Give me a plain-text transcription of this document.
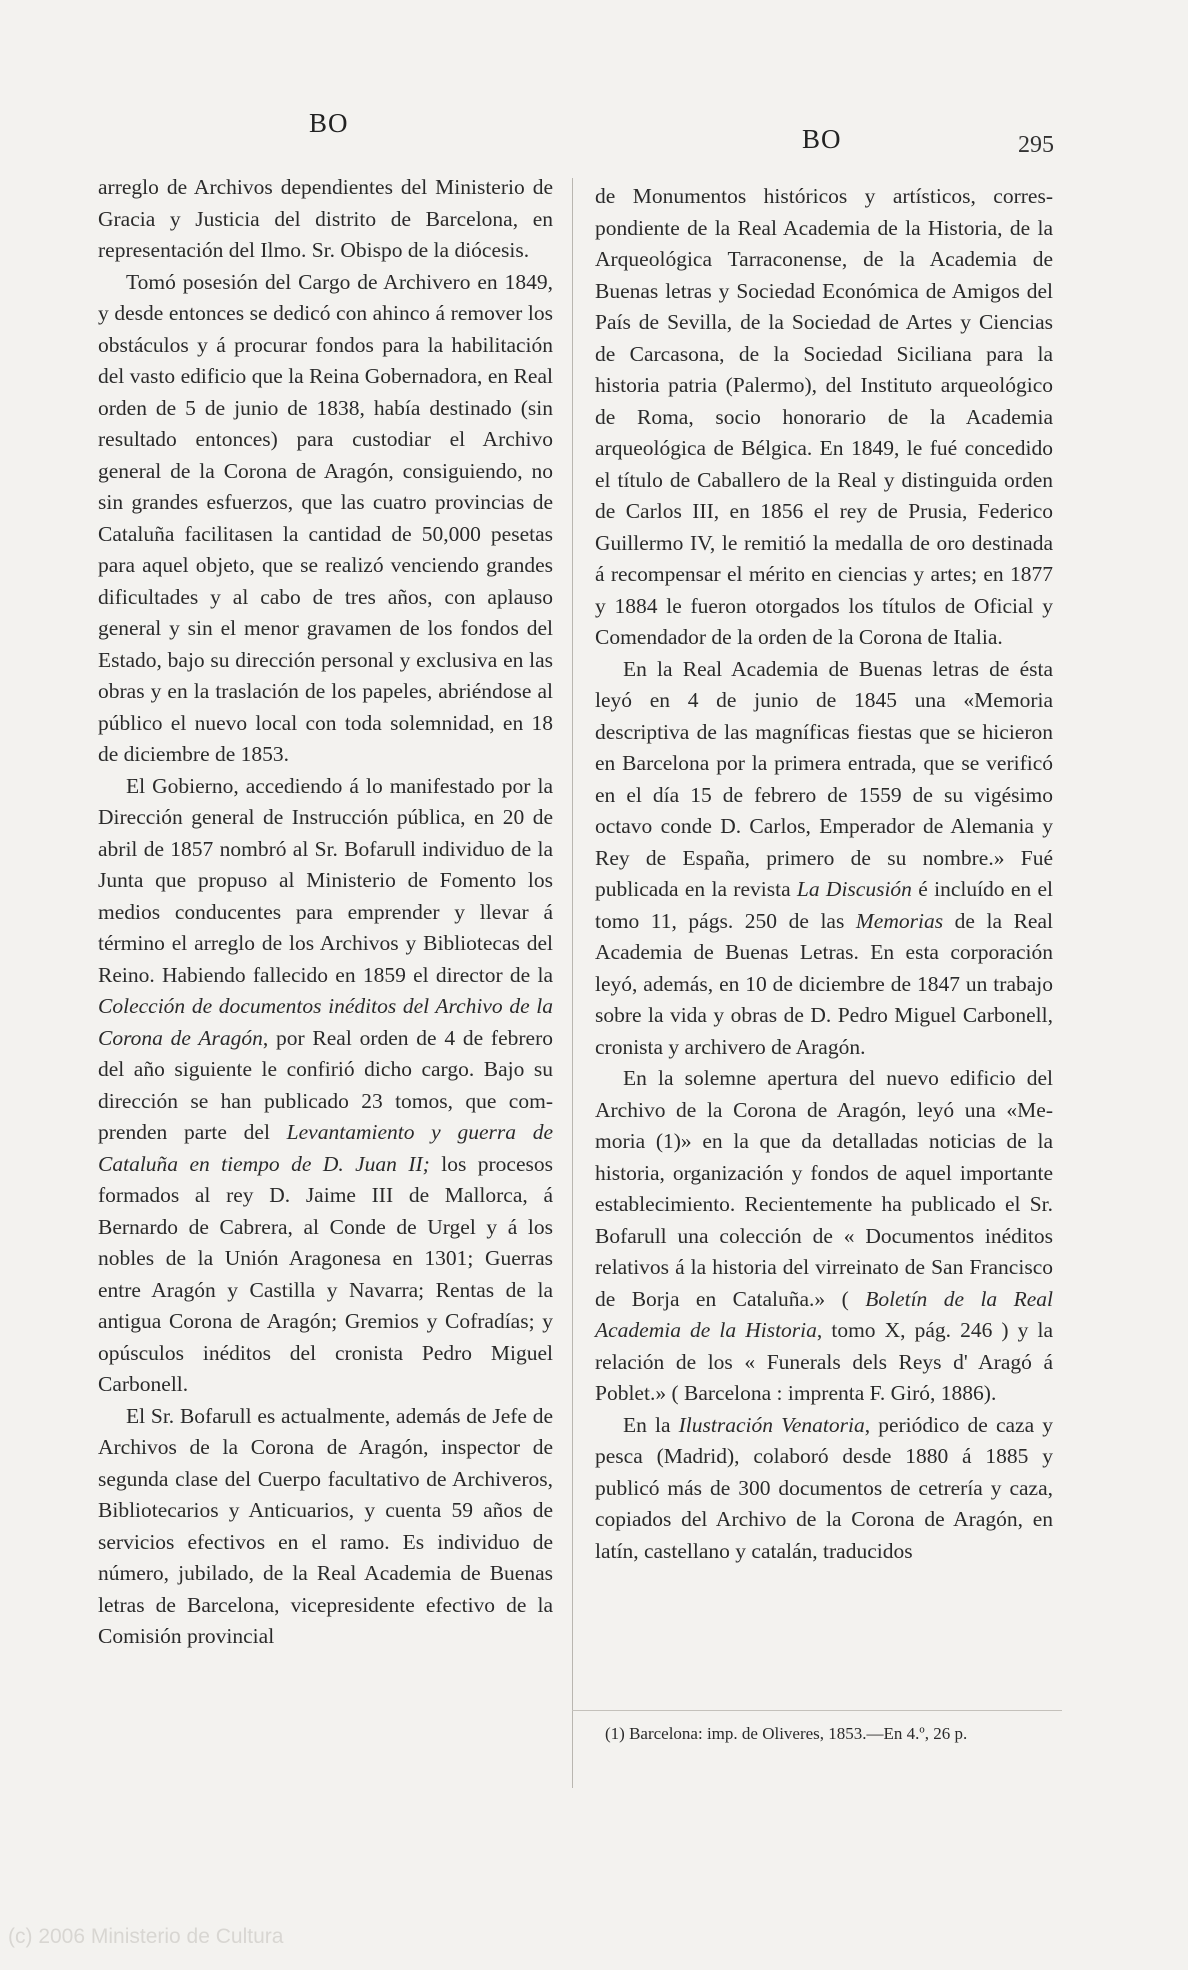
BO
BO	295

arreglo de Archivos dependientes del Ministerio de Gracia y Justicia del distrito de Barcelona, en representación del Ilmo. Sr. Obispo de la diócesis.

Tomó posesión del Cargo de Archivero en 1849, y desde entonces se dedicó con ahinco á remover los obstáculos y á procurar fondos para la habilitación del vasto edificio que la Reina Gobernadora, en Real orden de 5 de junio de 1838, había destinado (sin resultado entonces) para custodiar el Archivo general de la Corona de Aragón, consiguiendo, no sin grandes esfuerzos, que las cuatro provincias de Cataluña facilitasen la cantidad de 50,000 pesetas para aquel objeto, que se realizó venciendo grandes dificultades y al cabo de tres años, con aplauso general y sin el menor gravamen de los fondos del Estado, bajo su dirección personal y exclusiva en las obras y en la traslación de los papeles, abriéndose al público el nuevo local con toda solemnidad, en 18 de diciembre de 1853.

El Gobierno, accediendo á lo manifestado por la Dirección general de Instrucción pública, en 20 de abril de 1857 nombró al Sr. Bofarull individuo de la Junta que propuso al Ministerio de Fomento los medios conducentes para emprender y llevar á término el arreglo de los Archivos y Bibliotecas del Reino. Habiendo fallecido en 1859 el director de la Colección de documentos inéditos del Archivo de la Corona de Aragón, por Real orden de 4 de febrero del año siguiente le confirió dicho cargo. Bajo su dirección se han publicado 23 tomos, que comprenden parte del Levantamiento y guerra de Cataluña en tiempo de D. Juan II; los procesos formados al rey D. Jaime III de Mallorca, á Bernardo de Cabrera, al Conde de Urgel y á los nobles de la Unión Aragonesa en 1301; Guerras entre Aragón y Castilla y Navarra; Rentas de la antigua Corona de Aragón; Gremios y Cofradías; y opúsculos inéditos del cronista Pedro Miguel Carbonell.

El Sr. Bofarull es actualmente, además de Jefe de Archivos de la Corona de Aragón, inspector de segunda clase del Cuerpo facultativo de Archiveros, Bibliotecarios y Anticuarios, y cuenta 59 años de servicios efectivos en el ramo. Es individuo de número, jubilado, de la Real Academia de Buenas letras de Barcelona, vicepresidente efectivo de la Comisión provincial

de Monumentos históricos y artísticos, correspondiente de la Real Academia de la Historia, de la Arqueológica Tarraconense, de la Academia de Buenas letras y Sociedad Económica de Amigos del País de Sevilla, de la Sociedad de Artes y Ciencias de Carcasona, de la Sociedad Siciliana para la historia patria (Palermo), del Instituto arqueológico de Roma, socio honorario de la Academia arqueológica de Bélgica. En 1849, le fué concedido el título de Caballero de la Real y distinguida orden de Carlos III, en 1856 el rey de Prusia, Federico Guillermo IV, le remitió la medalla de oro destinada á recompensar el mérito en ciencias y artes; en 1877 y 1884 le fueron otorgados los títulos de Oficial y Comendador de la orden de la Corona de Italia.

En la Real Academia de Buenas letras de ésta leyó en 4 de junio de 1845 una «Memoria descriptiva de las magníficas fiestas que se hicieron en Barcelona por la primera entrada, que se verificó en el día 15 de febrero de 1559 de su vigésimo octavo conde D. Carlos, Emperador de Alemania y Rey de España, primero de su nombre.» Fué publicada en la revista La Discusión é incluído en el tomo 11, págs. 250 de las Memorias de la Real Academia de Buenas Letras. En esta corporación leyó, además, en 10 de diciembre de 1847 un trabajo sobre la vida y obras de D. Pedro Miguel Carbonell, cronista y archivero de Aragón.

En la solemne apertura del nuevo edificio del Archivo de la Corona de Aragón, leyó una «Memoria (1)» en la que da detalladas noticias de la historia, organización y fondos de aquel importante establecimiento. Recientemente ha publicado el Sr. Bofarull una colección de « Documentos inéditos relativos á la historia del virreinato de San Francisco de Borja en Cataluña.» ( Boletín de la Real Academia de la Historia, tomo X, pág. 246 ) y la relación de los « Funerals dels Reys d' Aragó á Poblet.» ( Barcelona : imprenta F. Giró, 1886).

En la Ilustración Venatoria, periódico de caza y pesca (Madrid), colaboró desde 1880 á 1885 y publicó más de 300 documentos de cetrería y caza, copiados del Archivo de la Corona de Aragón, en latín, castellano y catalán, traducidos

(1) Barcelona: imp. de Oliveres, 1853.—En 4.º, 26 p.
(c) 2006 Ministerio de Cultura
